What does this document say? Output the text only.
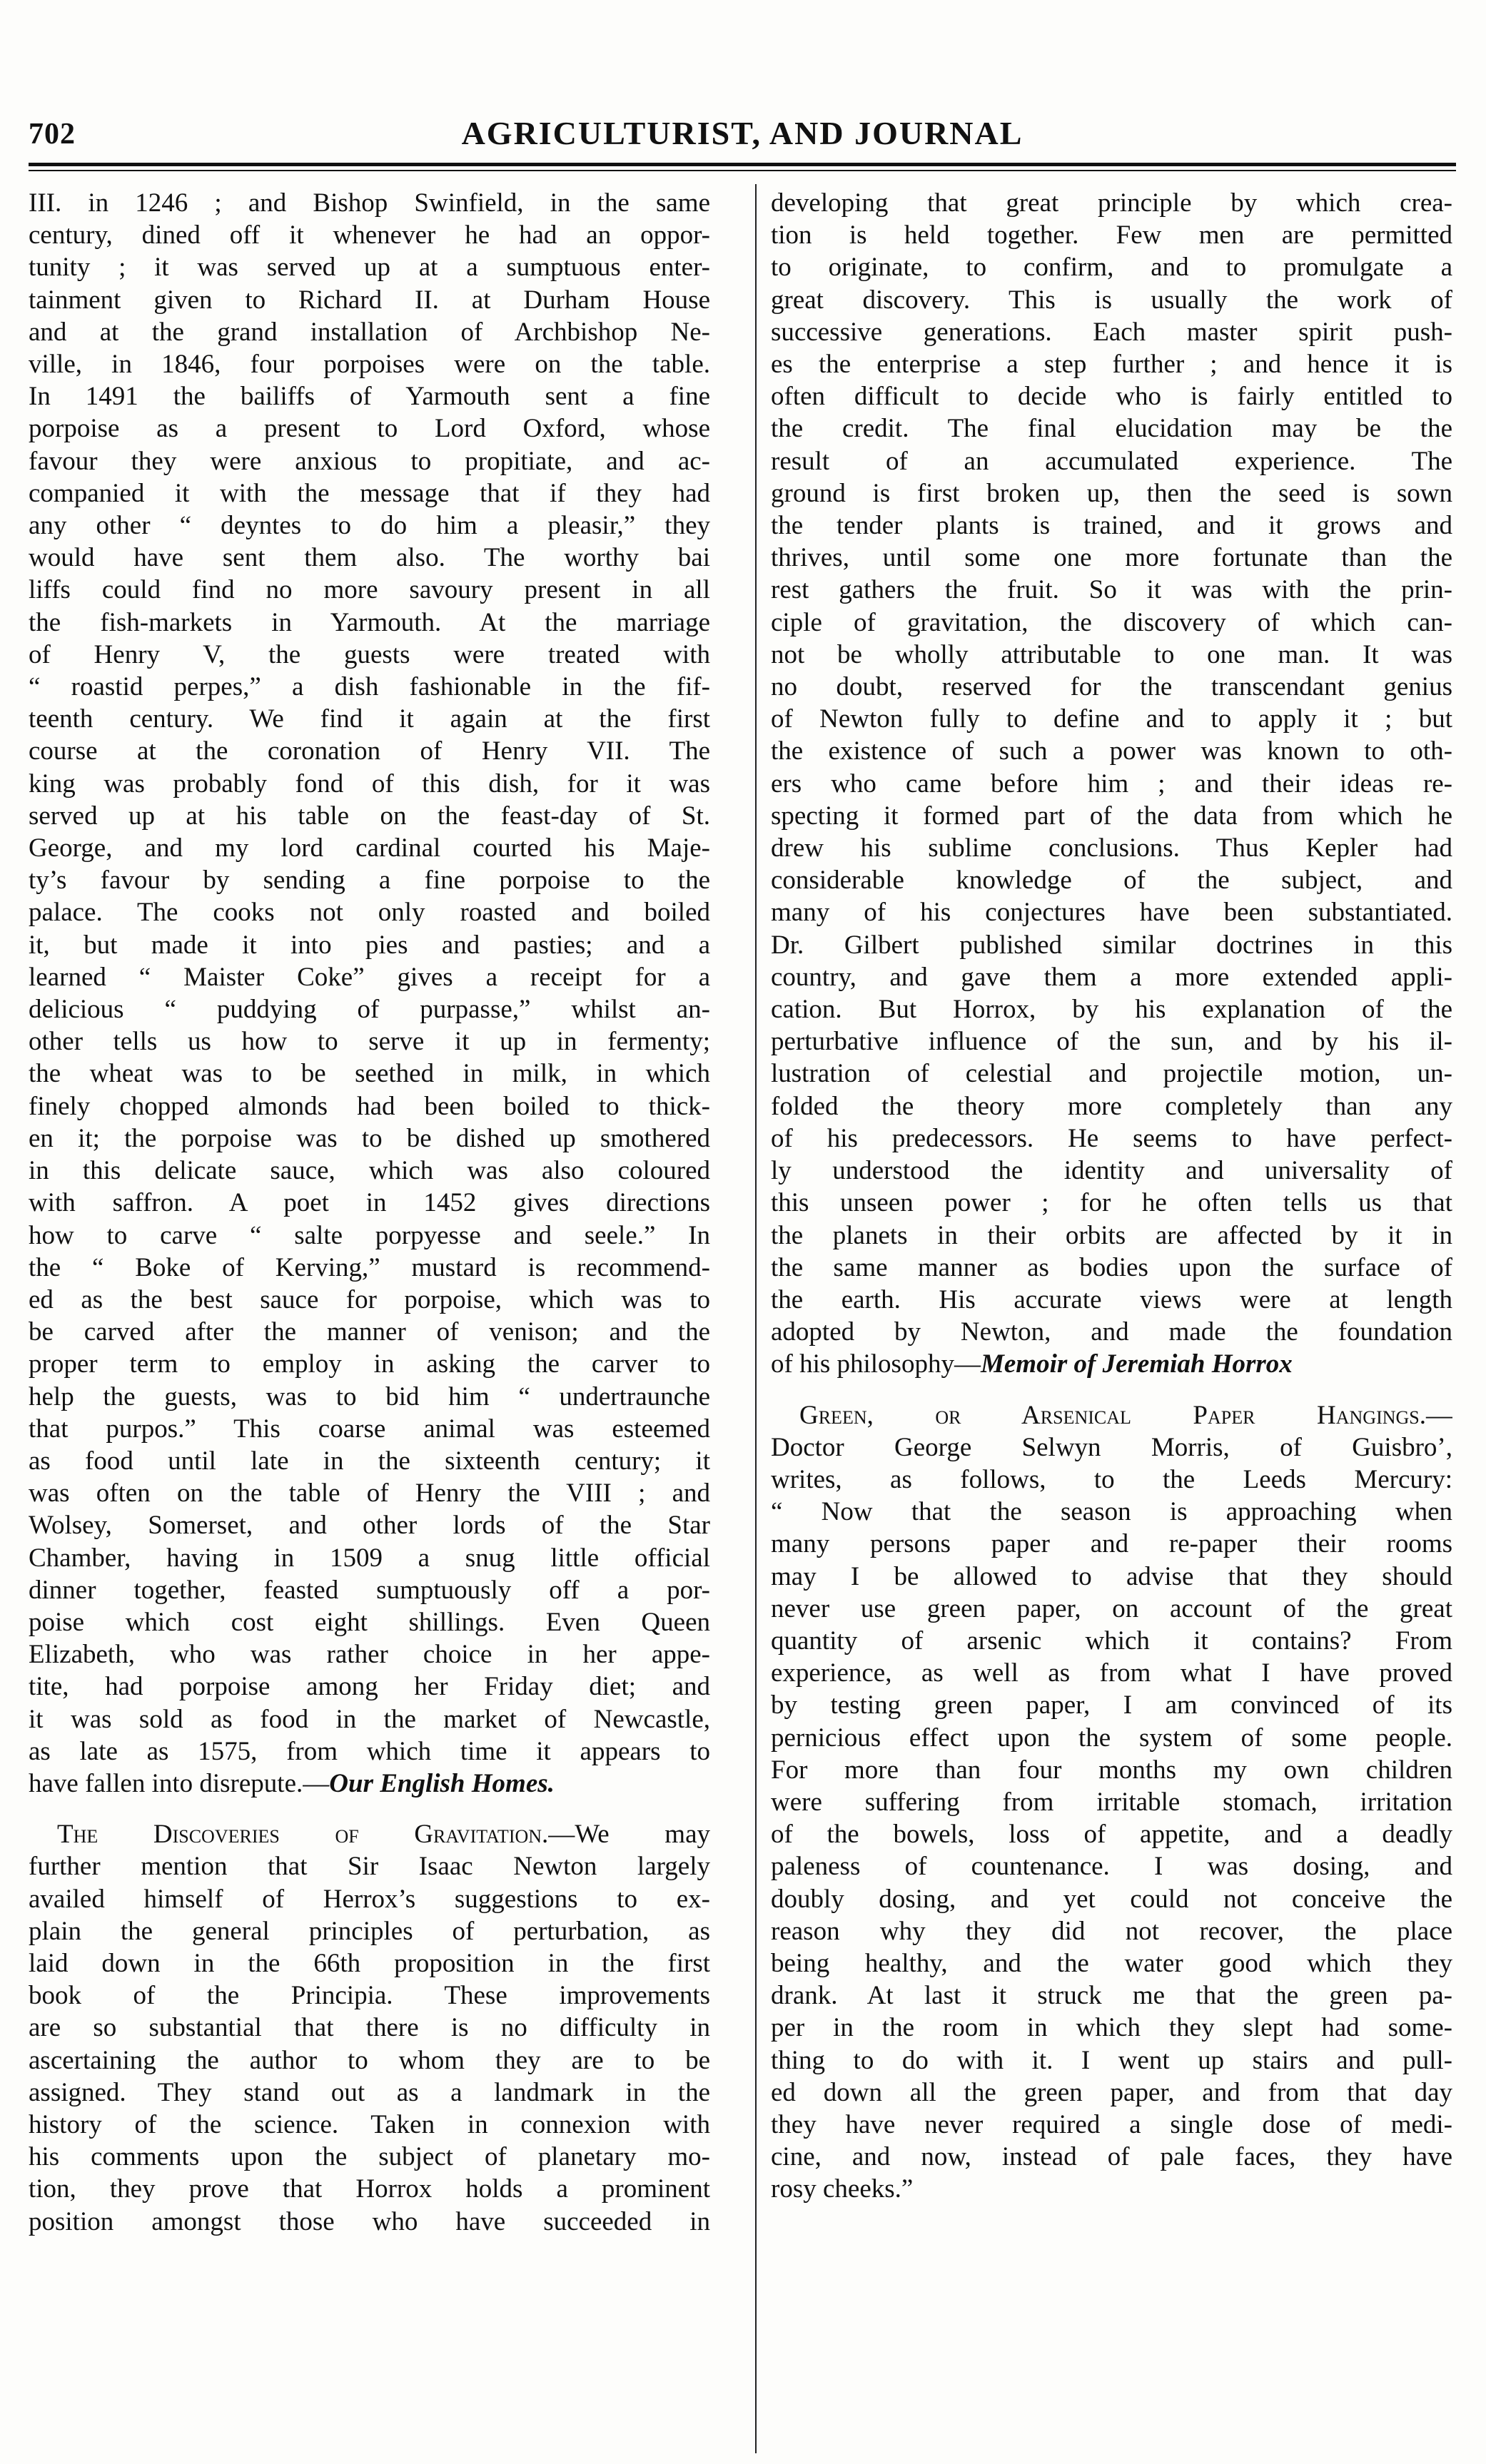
702	AGRICULTURIST, AND JOURNAL
III. in 1246 ; and Bishop Swinfield, in the same
century, dined off it whenever he had an oppor-
tunity ; it was served up at a sumptuous enter-
tainment given to Richard II. at Durham House
and at the grand installation of Archbishop Ne-
ville, in 1846, four porpoises were on the table.
In 1491 the bailiffs of Yarmouth sent a fine
porpoise as a present to Lord Oxford, whose
favour they were anxious to propitiate, and ac-
companied it with the message that if they had
any other “ deyntes to do him a pleasir,” they
would have sent them also. The worthy bai
liffs could find no more savoury present in all
the fish-markets in Yarmouth. At the marriage
of Henry V, the guests were treated with
“ roastid perpes,” a dish fashionable in the fif-
teenth century. We find it again at the first
course at the coronation of Henry VII. The
king was probably fond of this dish, for it was
served up at his table on the feast-day of St.
George, and my lord cardinal courted his Maje-
ty’s favour by sending a fine porpoise to the
palace. The cooks not only roasted and boiled
it, but made it into pies and pasties; and a
learned “ Maister Coke” gives a receipt for a
delicious “ puddying of purpasse,” whilst an-
other tells us how to serve it up in fermenty;
the wheat was to be seethed in milk, in which
finely chopped almonds had been boiled to thick-
en it; the porpoise was to be dished up smothered
in this delicate sauce, which was also coloured
with saffron. A poet in 1452 gives directions
how to carve “ salte porpyesse and seele.” In
the “ Boke of Kerving,” mustard is recommend-
ed as the best sauce for porpoise, which was to
be carved after the manner of venison; and the
proper term to employ in asking the carver to
help the guests, was to bid him “ undertraunche
that purpos.” This coarse animal was esteemed
as food until late in the sixteenth century; it
was often on the table of Henry the VIII ; and
Wolsey, Somerset, and other lords of the Star
Chamber, having in 1509 a snug little official
dinner together, feasted sumptuously off a por-
poise which cost eight shillings. Even Queen
Elizabeth, who was rather choice in her appe-
tite, had porpoise among her Friday diet; and
it was sold as food in the market of Newcastle,
as late as 1575, from which time it appears to
have fallen into disrepute.—Our English Homes.
The Discoveries of Gravitation.—We may
further mention that Sir Isaac Newton largely
availed himself of Herrox’s suggestions to ex-
plain the general principles of perturbation, as
laid down in the 66th proposition in the first
book of the Principia. These improvements
are so substantial that there is no difficulty in
ascertaining the author to whom they are to be
assigned. They stand out as a landmark in the
history of the science. Taken in connexion with
his comments upon the subject of planetary mo-
tion, they prove that Horrox holds a prominent
position amongst those who have succeeded in
developing that great principle by which crea-
tion is held together. Few men are permitted
to originate, to confirm, and to promulgate a
great discovery. This is usually the work of
successive generations. Each master spirit push-
es the enterprise a step further ; and hence it is
often difficult to decide who is fairly entitled to
the credit. The final elucidation may be the
result of an accumulated experience. The
ground is first broken up, then the seed is sown
the tender plants is trained, and it grows and
thrives, until some one more fortunate than the
rest gathers the fruit. So it was with the prin-
ciple of gravitation, the discovery of which can-
not be wholly attributable to one man. It was
no doubt, reserved for the transcendant genius
of Newton fully to define and to apply it ; but
the existence of such a power was known to oth-
ers who came before him ; and their ideas re-
specting it formed part of the data from which he
drew his sublime conclusions. Thus Kepler had
considerable knowledge of the subject, and
many of his conjectures have been substantiated.
Dr. Gilbert published similar doctrines in this
country, and gave them a more extended appli-
cation. But Horrox, by his explanation of the
perturbative influence of the sun, and by his il-
lustration of celestial and projectile motion, un-
folded the theory more completely than any
of his predecessors. He seems to have perfect-
ly understood the identity and universality of
this unseen power ; for he often tells us that
the planets in their orbits are affected by it in
the same manner as bodies upon the surface of
the earth. His accurate views were at length
adopted by Newton, and made the foundation
of his philosophy—Memoir of Jeremiah Horrox
Green, or Arsenical Paper Hangings.—
Doctor George Selwyn Morris, of Guisbro’,
writes, as follows, to the Leeds Mercury:
“ Now that the season is approaching when
many persons paper and re-paper their rooms
may I be allowed to advise that they should
never use green paper, on account of the great
quantity of arsenic which it contains? From
experience, as well as from what I have proved
by testing green paper, I am convinced of its
pernicious effect upon the system of some people.
For more than four months my own children
were suffering from irritable stomach, irritation
of the bowels, loss of appetite, and a deadly
paleness of countenance. I was dosing, and
doubly dosing, and yet could not conceive the
reason why they did not recover, the place
being healthy, and the water good which they
drank. At last it struck me that the green pa-
per in the room in which they slept had some-
thing to do with it. I went up stairs and pull-
ed down all the green paper, and from that day
they have never required a single dose of medi-
cine, and now, instead of pale faces, they have
rosy cheeks.”
